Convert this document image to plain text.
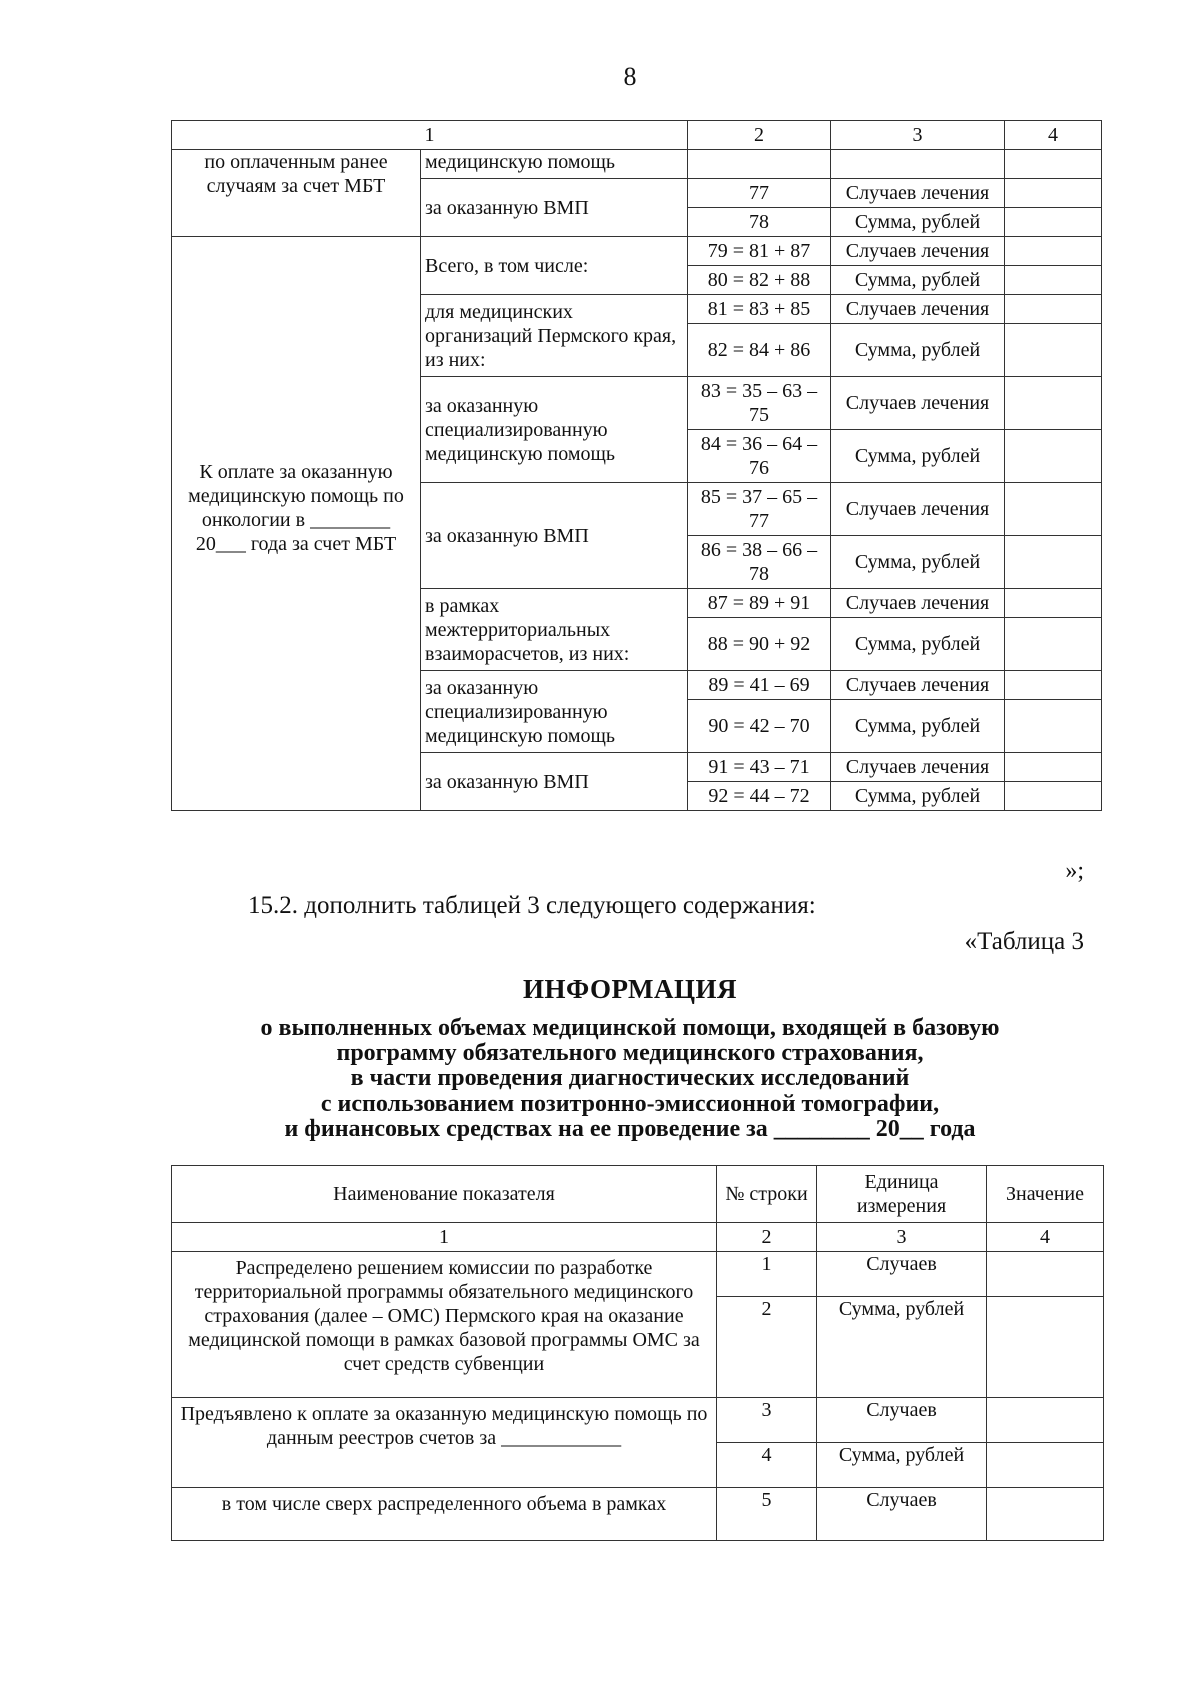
8
1		2	3	4
по оплаченным ранее случаям за счет МБТ	медицинскую помощь			
	за оказанную ВМП	77	Случаев лечения	
		78	Сумма, рублей	

К оплате за оказанную медицинскую помощь по онкологии в ________ 20___ года за счет МБТ	Всего, в том числе:	79 = 81 + 87	Случаев лечения	
		80 = 82 + 88	Сумма, рублей	
	для медицинских организаций Пермского края, из них:	81 = 83 + 85	Случаев лечения	
		82 = 84 + 86	Сумма, рублей	
	за оказанную специализированную медицинскую помощь	83 = 35 – 63 – 75	Случаев лечения	
		84 = 36 – 64 – 76	Сумма, рублей	
	за оказанную ВМП	85 = 37 – 65 – 77	Случаев лечения	
		86 = 38 – 66 – 78	Сумма, рублей	
	в рамках межтерриториальных взаиморасчетов, из них:	87 = 89 + 91	Случаев лечения	
		88 = 90 + 92	Сумма, рублей	
	за оказанную специализированную медицинскую помощь	89 = 41 – 69	Случаев лечения	
		90 = 42 – 70	Сумма, рублей	
	за оказанную ВМП	91 = 43 – 71	Случаев лечения	
		92 = 44 – 72	Сумма, рублей	
»;
15.2. дополнить таблицей 3 следующего содержания:
«Таблица 3
ИНФОРМАЦИЯ
о выполненных объемах медицинской помощи, входящей в базовую
программу обязательного медицинского страхования,
в части проведения диагностических исследований
с использованием позитронно-эмиссионной томографии,
и финансовых средствах на ее проведение за ________ 20__ года
Наименование показателя	№ строки	Единица измерения	Значение
1	2	3	4
Распределено решением комиссии по разработке территориальной программы обязательного медицинского страхования (далее – ОМС) Пермского края на оказание медицинской помощи в рамках базовой программы ОМС за счет средств субвенции	1	Случаев	
	2	Сумма, рублей	
Предъявлено к оплате за оказанную медицинскую помощь по данным реестров счетов за ____________	3	Случаев	
	4	Сумма, рублей	
в том числе сверх распределенного объема в рамках	5	Случаев	
